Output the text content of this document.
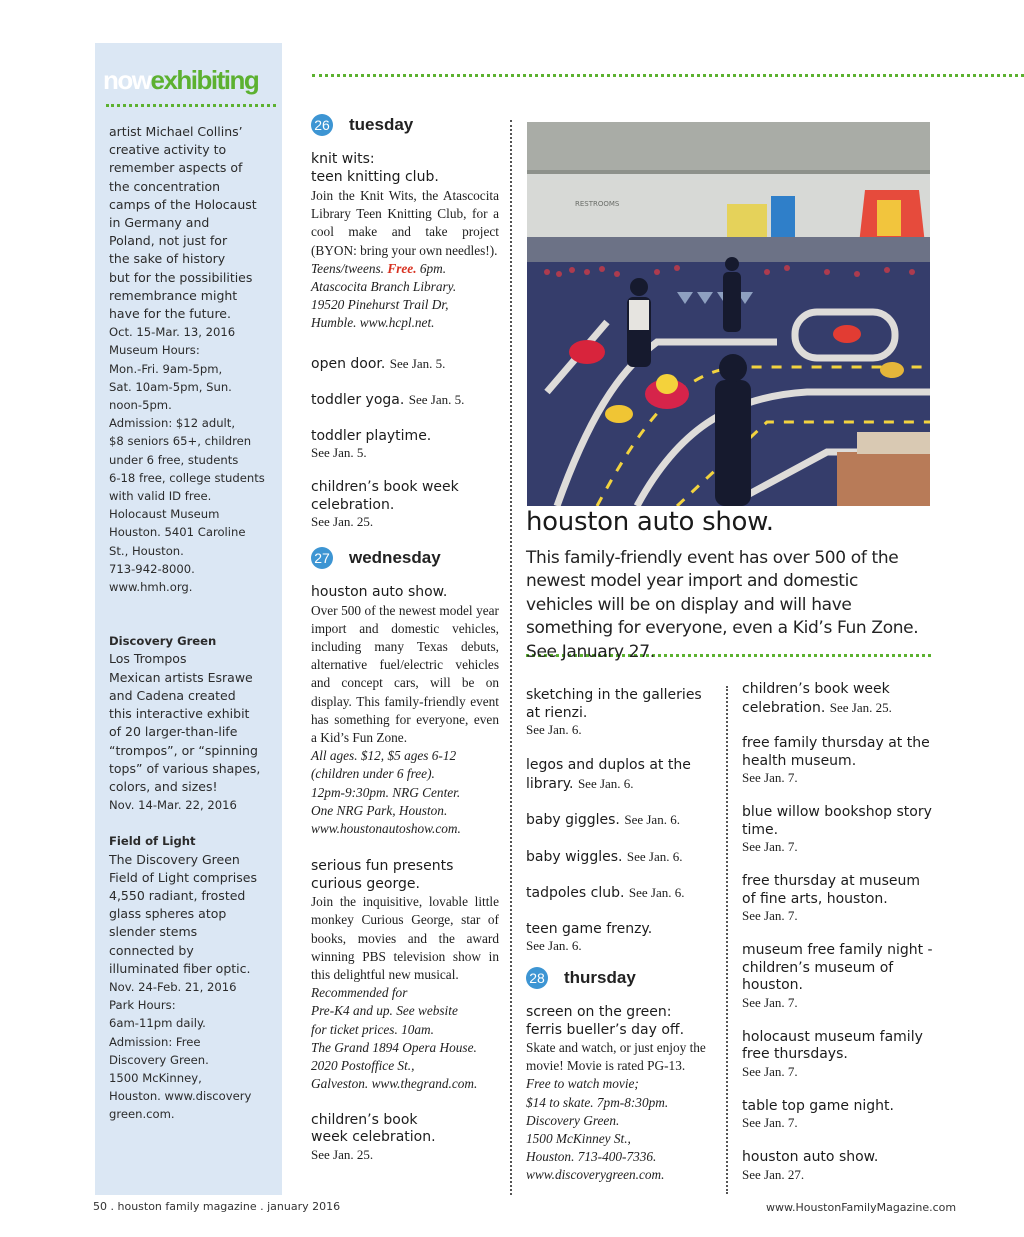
nowexhibiting
artist Michael Collins’
creative activity to
remember aspects of
the concentration
camps of the Holocaust
in Germany and
Poland, not just for
the sake of history
but for the possibilities
remembrance might
have for the future.
Oct. 15-Mar. 13, 2016
Museum Hours:
Mon.-Fri. 9am-5pm,
Sat. 10am-5pm, Sun.
noon-5pm.
Admission: $12 adult,
$8 seniors 65+, children
under 6 free, students
6-18 free, college students
with valid ID free.
Holocaust Museum
Houston. 5401 Caroline
St., Houston.
713-942-8000.
www.hmh.org.
Discovery Green
Los Trompos
Mexican artists Esrawe
and Cadena created
this interactive exhibit
of 20 larger-than-life
“trompos”, or “spinning
tops” of various shapes,
colors, and sizes!
Nov. 14-Mar. 22, 2016
Field of Light
The Discovery Green
Field of Light comprises
4,550 radiant, frosted
glass spheres atop
slender stems
connected by
illuminated fiber optic.
Nov. 24-Feb. 21, 2016
Park Hours:
6am-11pm daily.
Admission: Free
Discovery Green.
1500 McKinney,
Houston. www.discovery
green.com.
26 tuesday
knit wits:
teen knitting club.
Join the Knit Wits, the Atascocita Library Teen Knitting Club, for a cool make and take project (BYON: bring your own needles!).
Teens/tweens. Free. 6pm.
Atascocita Branch Library.
19520 Pinehurst Trail Dr,
Humble. www.hcpl.net.
open door. See Jan. 5.
toddler yoga. See Jan. 5.
toddler playtime.
See Jan. 5.
children’s book week celebration.
See Jan. 25.
27 wednesday
houston auto show.
Over 500 of the newest model year import and domestic vehicles, including many Texas debuts, alternative fuel/electric vehicles and concept cars, will be on display. This family-friendly event has something for everyone, even a Kid’s Fun Zone.
All ages. $12, $5 ages 6-12
(children under 6 free).
12pm-9:30pm. NRG Center.
One NRG Park, Houston.
www.houstonautoshow.com.
serious fun presents
curious george.
Join the inquisitive, lovable little monkey Curious George, star of books, movies and the award winning PBS television show in this delightful new musical.
Recommended for
Pre-K4 and up. See website
for ticket prices. 10am.
The Grand 1894 Opera House.
2020 Postoffice St.,
Galveston. www.thegrand.com.
children’s book
week celebration.
See Jan. 25.
RESTROOMS
houston auto show.
This family-friendly event has over 500 of the newest model year import and domestic vehicles will be on display and will have something for everyone, even a Kid’s Fun Zone. See January 27.
sketching in the galleries at rienzi.
See Jan. 6.
legos and duplos at the library. See Jan. 6.
baby giggles. See Jan. 6.
baby wiggles. See Jan. 6.
tadpoles club. See Jan. 6.
teen game frenzy.
See Jan. 6.
28 thursday
screen on the green:
ferris bueller’s day off.
Skate and watch, or just enjoy the movie! Movie is rated PG-13.
Free to watch movie;
$14 to skate. 7pm-8:30pm.
Discovery Green.
1500 McKinney St.,
Houston. 713-400-7336.
www.discoverygreen.com.
children’s book week celebration. See Jan. 25.
free family thursday at the health museum.
See Jan. 7.
blue willow bookshop story time.
See Jan. 7.
free thursday at museum of fine arts, houston.
See Jan. 7.
museum free family night - children’s museum of houston.
See Jan. 7.
holocaust museum family free thursdays.
See Jan. 7.
table top game night.
See Jan. 7.
houston auto show.
See Jan. 27.
50 . houston family magazine . january 2016	www.HoustonFamilyMagazine.com
